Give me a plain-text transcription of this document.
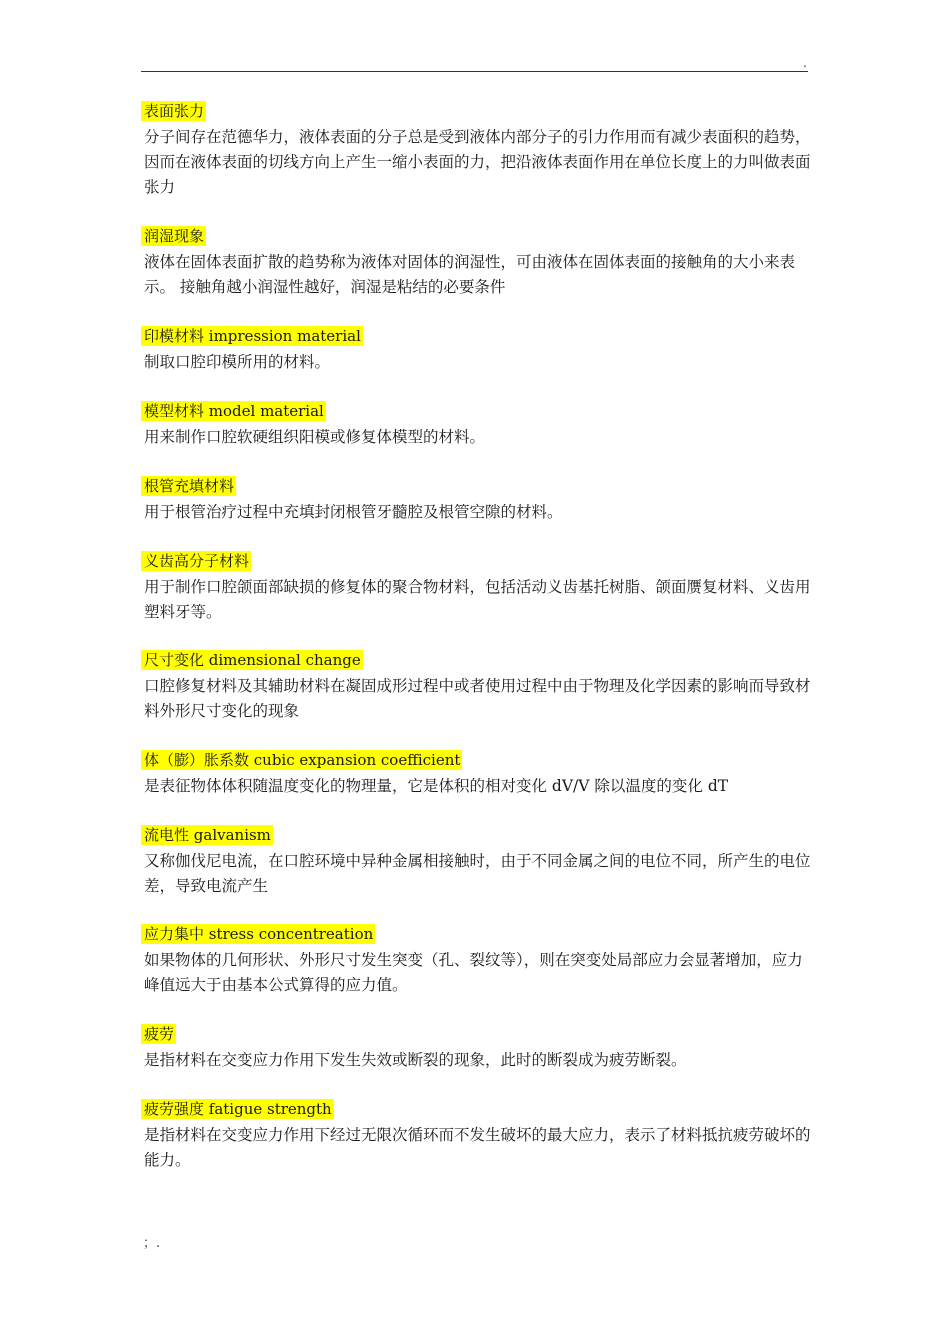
.
表面张力
分子间存在范德华力，液体表面的分子总是受到液体内部分子的引力作用而有减少表面积的趋势，因而在液体表面的切线方向上产生一缩小表面的力，把沿液体表面作用在单位长度上的力叫做表面张力
润湿现象
液体在固体表面扩散的趋势称为液体对固体的润湿性，可由液体在固体表面的接触角的大小来表示。 接触角越小润湿性越好，润湿是粘结的必要条件
印模材料 impression material
制取口腔印模所用的材料。
模型材料 model material
用来制作口腔软硬组织阳模或修复体模型的材料。
根管充填材料
用于根管治疗过程中充填封闭根管牙髓腔及根管空隙的材料。
义齿高分子材料
用于制作口腔颌面部缺损的修复体的聚合物材料，包括活动义齿基托树脂、颌面赝复材料、义齿用塑料牙等。
尺寸变化 dimensional change
口腔修复材料及其辅助材料在凝固成形过程中或者使用过程中由于物理及化学因素的影响而导致材料外形尺寸变化的现象
体（膨）胀系数 cubic expansion coefficient
是表征物体体积随温度变化的物理量，它是体积的相对变化 dV/V 除以温度的变化 dT
流电性 galvanism
又称伽伐尼电流，在口腔环境中异种金属相接触时，由于不同金属之间的电位不同，所产生的电位差，导致电流产生
应力集中 stress concentreation
如果物体的几何形状、外形尺寸发生突变（孔、裂纹等），则在突变处局部应力会显著增加，应力峰值远大于由基本公式算得的应力值。
疲劳
是指材料在交变应力作用下发生失效或断裂的现象，此时的断裂成为疲劳断裂。
疲劳强度 fatigue strength
是指材料在交变应力作用下经过无限次循环而不发生破坏的最大应力，表示了材料抵抗疲劳破坏的能力。
；.
